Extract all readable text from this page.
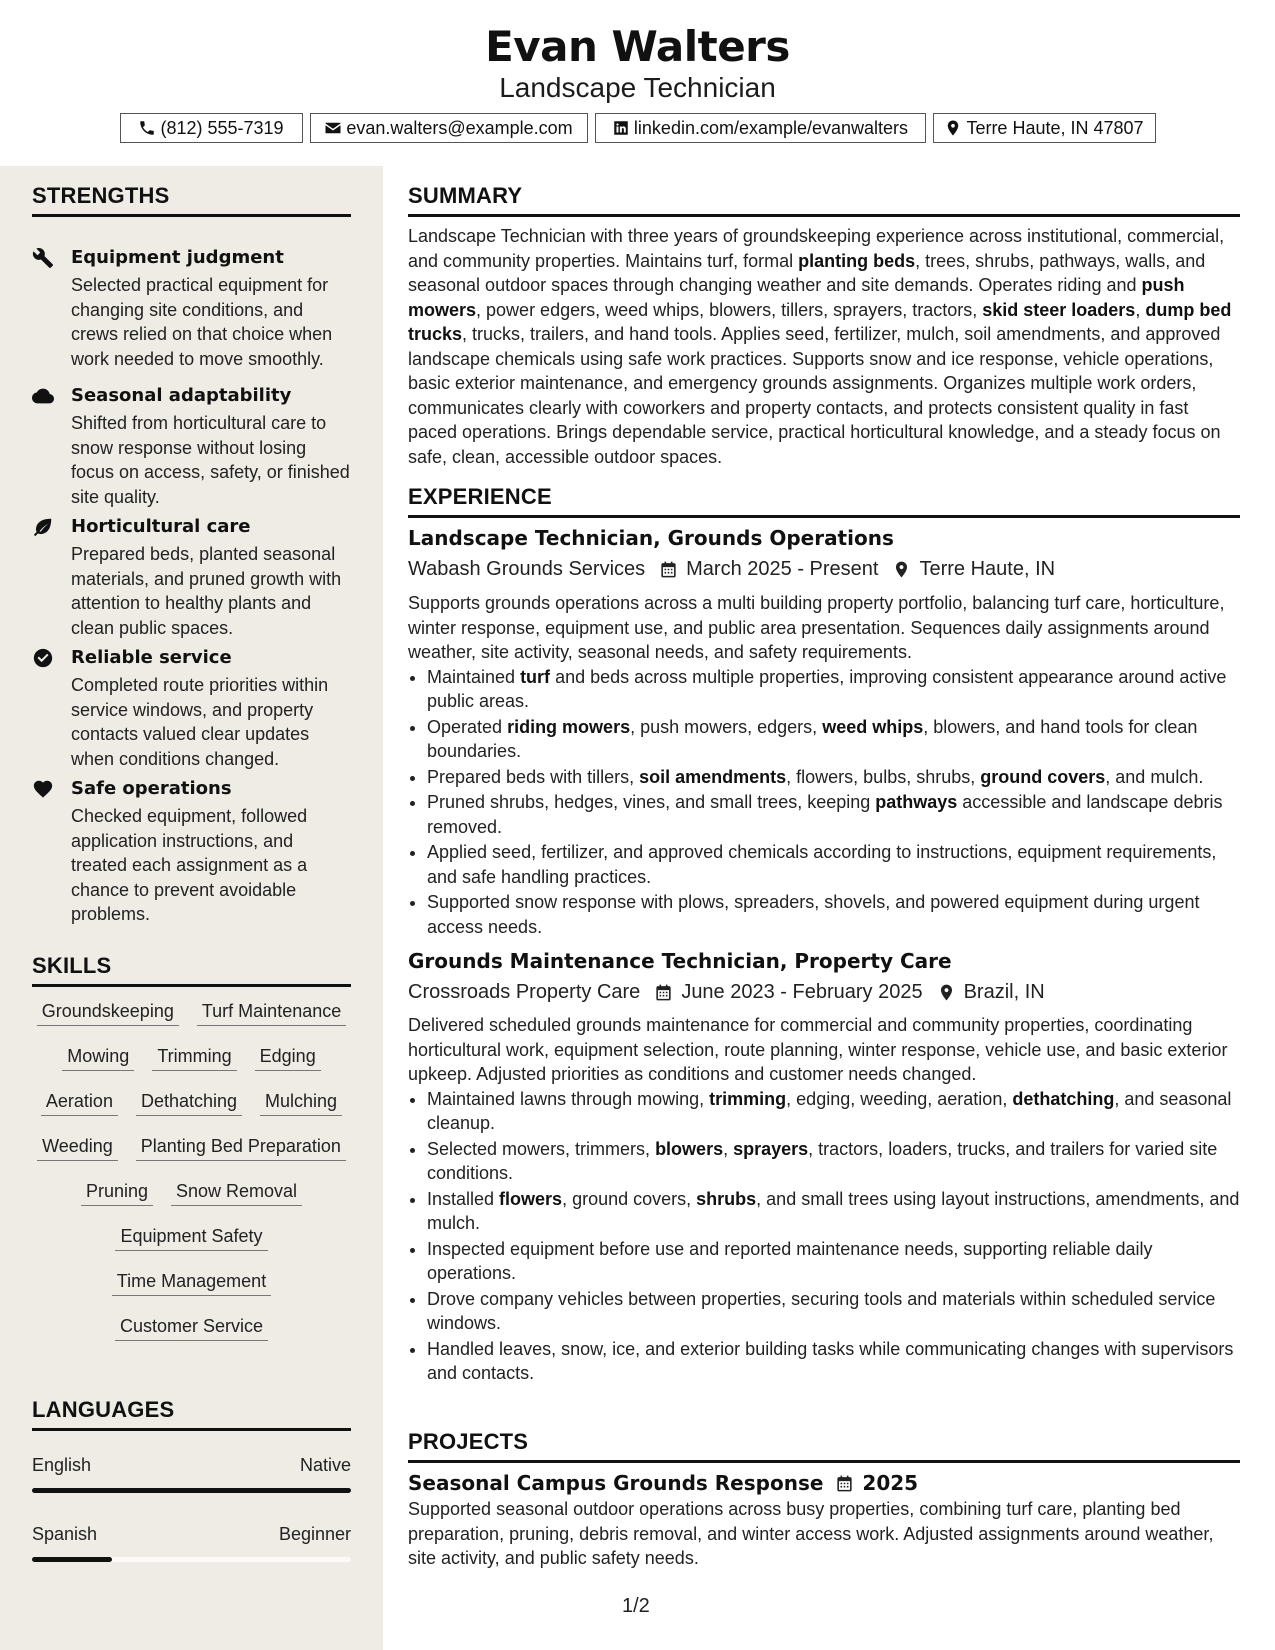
Evan Walters
Landscape Technician
(812) 555-7319	evan.walters@example.com	linkedin.com/example/evanwalters	Terre Haute, IN 47807
STRENGTHS
Equipment judgment
Selected practical equipment for changing site conditions, and crews relied on that choice when work needed to move smoothly.
Seasonal adaptability
Shifted from horticultural care to snow response without losing focus on access, safety, or finished site quality.
Horticultural care
Prepared beds, planted seasonal materials, and pruned growth with attention to healthy plants and clean public spaces.
Reliable service
Completed route priorities within service windows, and property contacts valued clear updates when conditions changed.
Safe operations
Checked equipment, followed application instructions, and treated each assignment as a chance to prevent avoidable problems.
SKILLS
Groundskeeping Turf Maintenance
Mowing Trimming Edging
Aeration Dethatching Mulching
Weeding Planting Bed Preparation
Pruning Snow Removal
Equipment Safety
Time Management
Customer Service
LANGUAGES
English	Native
Spanish	Beginner
SUMMARY

Landscape Technician with three years of groundskeeping experience across institutional, commercial, and community properties. Maintains turf, formal planting beds, trees, shrubs, pathways, walls, and seasonal outdoor spaces through changing weather and site demands. Operates riding and push mowers, power edgers, weed whips, blowers, tillers, sprayers, tractors, skid steer loaders, dump bed trucks, trucks, trailers, and hand tools. Applies seed, fertilizer, mulch, soil amendments, and approved landscape chemicals using safe work practices. Supports snow and ice response, vehicle operations, basic exterior maintenance, and emergency grounds assignments. Organizes multiple work orders, communicates clearly with coworkers and property contacts, and protects consistent quality in fast paced operations. Brings dependable service, practical horticultural knowledge, and a steady focus on safe, clean, accessible outdoor spaces.

EXPERIENCE
Landscape Technician, Grounds Operations
Wabash Grounds Services March 2025 - Present Terre Haute, IN

Supports grounds operations across a multi building property portfolio, balancing turf care, horticulture, winter response, equipment use, and public area presentation. Sequences daily assignments around weather, site activity, seasonal needs, and safety requirements.

• Maintained turf and beds across multiple properties, improving consistent appearance around active public areas.
• Operated riding mowers, push mowers, edgers, weed whips, blowers, and hand tools for clean boundaries.
• Prepared beds with tillers, soil amendments, flowers, bulbs, shrubs, ground covers, and mulch.
• Pruned shrubs, hedges, vines, and small trees, keeping pathways accessible and landscape debris removed.
• Applied seed, fertilizer, and approved chemicals according to instructions, equipment requirements, and safe handling practices.
• Supported snow response with plows, spreaders, shovels, and powered equipment during urgent access needs.
Grounds Maintenance Technician, Property Care
Crossroads Property Care June 2023 - February 2025 Brazil, IN

Delivered scheduled grounds maintenance for commercial and community properties, coordinating horticultural work, equipment selection, route planning, winter response, vehicle use, and basic exterior upkeep. Adjusted priorities as conditions and customer needs changed.

• Maintained lawns through mowing, trimming, edging, weeding, aeration, dethatching, and seasonal cleanup.
• Selected mowers, trimmers, blowers, sprayers, tractors, loaders, trucks, and trailers for varied site conditions.
• Installed flowers, ground covers, shrubs, and small trees using layout instructions, amendments, and mulch.
• Inspected equipment before use and reported maintenance needs, supporting reliable daily operations.
• Drove company vehicles between properties, securing tools and materials within scheduled service windows.
• Handled leaves, snow, ice, and exterior building tasks while communicating changes with supervisors and contacts.
PROJECTS
Seasonal Campus Grounds Response 2025

Supported seasonal outdoor operations across busy properties, combining turf care, planting bed preparation, pruning, debris removal, and winter access work. Adjusted assignments around weather, site activity, and public safety needs.

1/2
